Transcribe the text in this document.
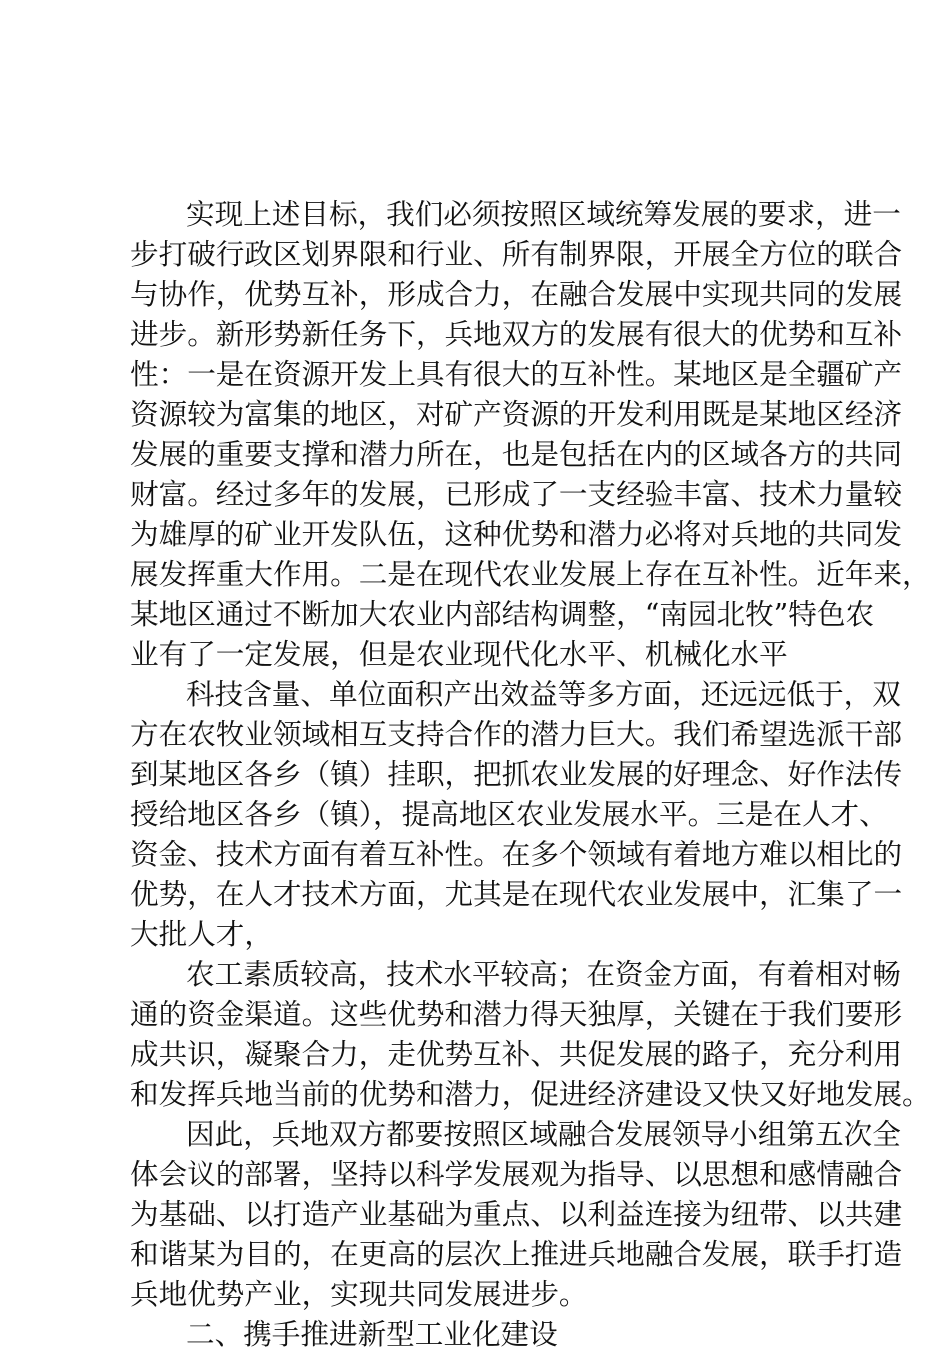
实现上述目标，我们必须按照区域统筹发展的要求，进一
步打破行政区划界限和行业、所有制界限，开展全方位的联合
与协作，优势互补，形成合力，在融合发展中实现共同的发展
进步。新形势新任务下，兵地双方的发展有很大的优势和互补
性：一是在资源开发上具有很大的互补性。某地区是全疆矿产
资源较为富集的地区，对矿产资源的开发利用既是某地区经济
发展的重要支撑和潜力所在，也是包括在内的区域各方的共同
财富。经过多年的发展，已形成了一支经验丰富、技术力量较
为雄厚的矿业开发队伍，这种优势和潜力必将对兵地的共同发
展发挥重大作用。二是在现代农业发展上存在互补性。近年来，
某地区通过不断加大农业内部结构调整，“南园北牧”特色农
业有了一定发展，但是农业现代化水平、机械化水平
科技含量、单位面积产出效益等多方面，还远远低于，双
方在农牧业领域相互支持合作的潜力巨大。我们希望选派干部
到某地区各乡（镇）挂职，把抓农业发展的好理念、好作法传
授给地区各乡（镇），提高地区农业发展水平。三是在人才、
资金、技术方面有着互补性。在多个领域有着地方难以相比的
优势，在人才技术方面，尤其是在现代农业发展中，汇集了一
大批人才，
农工素质较高，技术水平较高；在资金方面，有着相对畅
通的资金渠道。这些优势和潜力得天独厚，关键在于我们要形
成共识，凝聚合力，走优势互补、共促发展的路子，充分利用
和发挥兵地当前的优势和潜力，促进经济建设又快又好地发展。
因此，兵地双方都要按照区域融合发展领导小组第五次全
体会议的部署，坚持以科学发展观为指导、以思想和感情融合
为基础、以打造产业基础为重点、以利益连接为纽带、以共建
和谐某为目的，在更高的层次上推进兵地融合发展，联手打造
兵地优势产业，实现共同发展进步。
二、携手推进新型工业化建设
